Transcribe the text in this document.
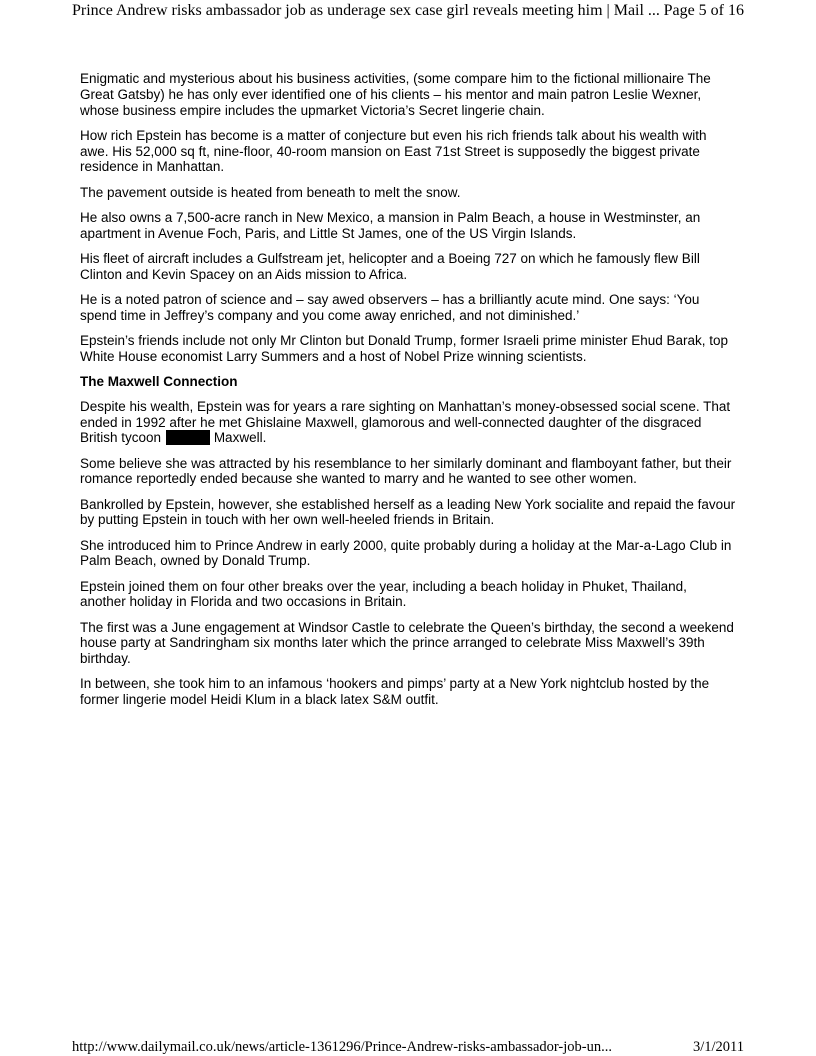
Prince Andrew risks ambassador job as underage sex case girl reveals meeting him | Mail ... Page 5 of 16

Enigmatic and mysterious about his business activities, (some compare him to the fictional millionaire The Great Gatsby) he has only ever identified one of his clients – his mentor and main patron Leslie Wexner, whose business empire includes the upmarket Victoria’s Secret lingerie chain.

How rich Epstein has become is a matter of conjecture but even his rich friends talk about his wealth with awe. His 52,000 sq ft, nine-floor, 40-room mansion on East 71st Street is supposedly the biggest private residence in Manhattan.

The pavement outside is heated from beneath to melt the snow.

He also owns a 7,500-acre ranch in New Mexico, a mansion in Palm Beach, a house in Westminster, an apartment in Avenue Foch, Paris, and Little St James, one of the US Virgin Islands.

His fleet of aircraft includes a Gulfstream jet, helicopter and a Boeing 727 on which he famously flew Bill Clinton and Kevin Spacey on an Aids mission to Africa.

He is a noted patron of science and – say awed observers – has a brilliantly acute mind. One says: ‘You spend time in Jeffrey’s company and you come away enriched, and not diminished.’

Epstein’s friends include not only Mr Clinton but Donald Trump, former Israeli prime minister Ehud Barak, top White House economist Larry Summers and a host of Nobel Prize winning scientists.

The Maxwell Connection

Despite his wealth, Epstein was for years a rare sighting on Manhattan’s money-obsessed social scene. That ended in 1992 after he met Ghislaine Maxwell, glamorous and well-connected daughter of the disgraced British tycoon	Maxwell.

Some believe she was attracted by his resemblance to her similarly dominant and flamboyant father, but their romance reportedly ended because she wanted to marry and he wanted to see other women.

Bankrolled by Epstein, however, she established herself as a leading New York socialite and repaid the favour by putting Epstein in touch with her own well-heeled friends in Britain.

She introduced him to Prince Andrew in early 2000, quite probably during a holiday at the Mar-a-Lago Club in Palm Beach, owned by Donald Trump.

Epstein joined them on four other breaks over the year, including a beach holiday in Phuket, Thailand, another holiday in Florida and two occasions in Britain.

The first was a June engagement at Windsor Castle to celebrate the Queen’s birthday, the second a weekend house party at Sandringham six months later which the prince arranged to celebrate Miss Maxwell’s 39th birthday.

In between, she took him to an infamous ‘hookers and pimps’ party at a New York nightclub hosted by the former lingerie model Heidi Klum in a black latex S&M outfit.

http://www.dailymail.co.uk/news/article-1361296/Prince-Andrew-risks-ambassador-job-un...	3/1/2011
